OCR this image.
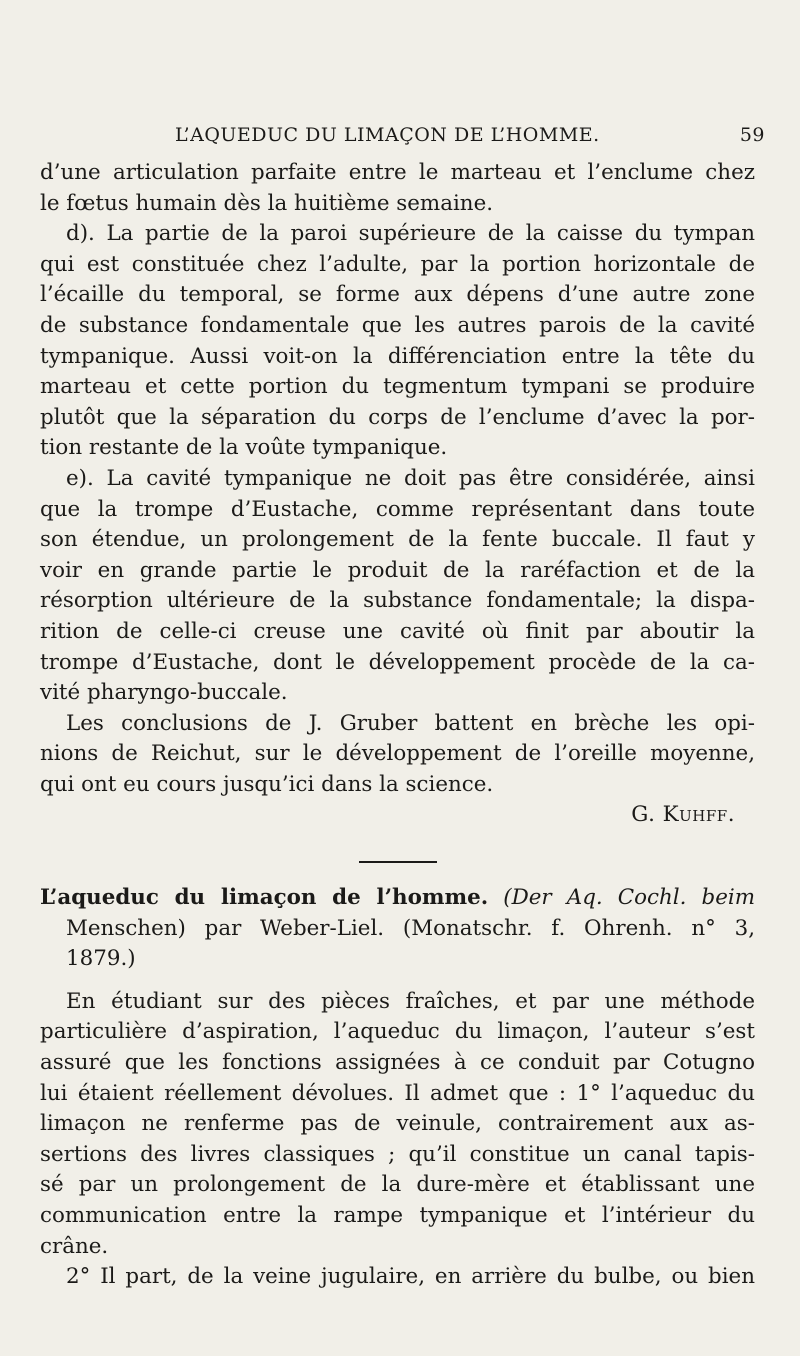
L’AQUEDUC DU LIMAÇON DE L’HOMME.	59
d’une articulation parfaite entre le marteau et l’enclume chez
le fœtus humain dès la huitième semaine.
d). La partie de la paroi supérieure de la caisse du tympan
qui est constituée chez l’adulte, par la portion horizontale de
l’écaille du temporal, se forme aux dépens d’une autre zone
de substance fondamentale que les autres parois de la cavité
tympanique. Aussi voit-on la différenciation entre la tête du
marteau et cette portion du tegmentum tympani se produire
plutôt que la séparation du corps de l’enclume d’avec la por-
tion restante de la voûte tympanique.
e). La cavité tympanique ne doit pas être considérée, ainsi
que la trompe d’Eustache, comme représentant dans toute
son étendue, un prolongement de la fente buccale. Il faut y
voir en grande partie le produit de la raréfaction et de la
résorption ultérieure de la substance fondamentale; la dispa-
rition de celle-ci creuse une cavité où finit par aboutir la
trompe d’Eustache, dont le développement procède de la ca-
vité pharyngo-buccale.
Les conclusions de J. Gruber battent en brèche les opi-
nions de Reichut, sur le développement de l’oreille moyenne,
qui ont eu cours jusqu’ici dans la science.
G. Kuhff.
L’aqueduc du limaçon de l’homme. (Der Aq. Cochl. beim
Menschen) par Weber-Liel. (Monatschr. f. Ohrenh. n° 3,
1879.)
En étudiant sur des pièces fraîches, et par une méthode
particulière d’aspiration, l’aqueduc du limaçon, l’auteur s’est
assuré que les fonctions assignées à ce conduit par Cotugno
lui étaient réellement dévolues. Il admet que : 1° l’aqueduc du
limaçon ne renferme pas de veinule, contrairement aux as-
sertions des livres classiques ; qu’il constitue un canal tapis-
sé par un prolongement de la dure-mère et établissant une
communication entre la rampe tympanique et l’intérieur du
crâne.
2° Il part, de la veine jugulaire, en arrière du bulbe, ou bien
